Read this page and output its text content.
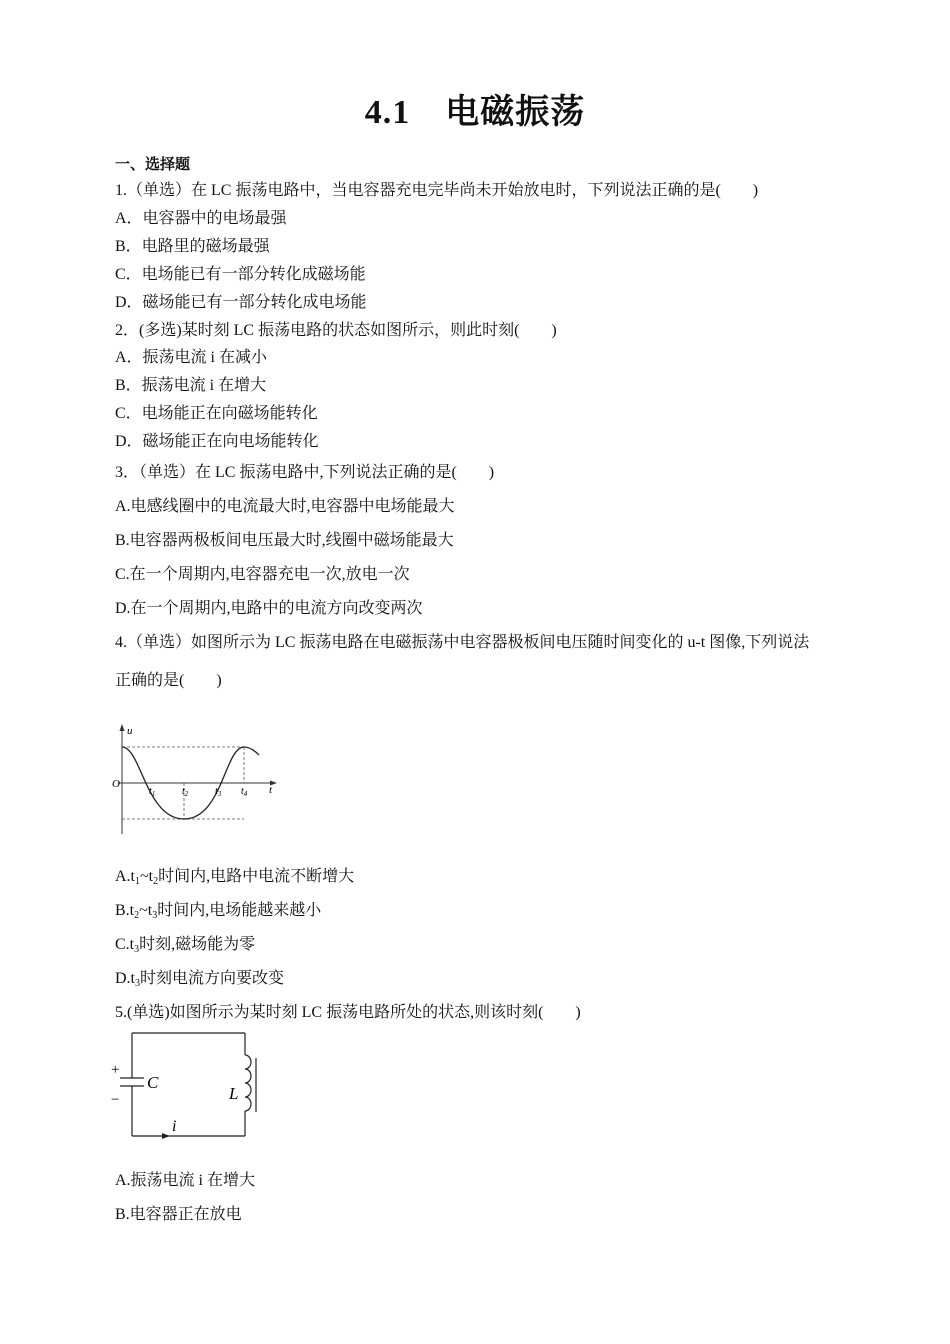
4.1　电磁振荡
一、选择题
1.（单选）在 LC 振荡电路中，当电容器充电完毕尚未开始放电时，下列说法正确的是(　　)
A．电容器中的电场最强
B．电路里的磁场最强
C．电场能已有一部分转化成磁场能
D．磁场能已有一部分转化成电场能
2．(多选)某时刻 LC 振荡电路的状态如图所示，则此时刻(　　)
A．振荡电流 i 在减小
B．振荡电流 i 在增大
C．电场能正在向磁场能转化
D．磁场能正在向电场能转化
3．（单选）在 LC 振荡电路中,下列说法正确的是(　　)
A.电感线圈中的电流最大时,电容器中电场能最大
B.电容器两极板间电压最大时,线圈中磁场能最大
C.在一个周期内,电容器充电一次,放电一次
D.在一个周期内,电路中的电流方向改变两次
4.（单选）如图所示为 LC 振荡电路在电磁振荡中电容器极板间电压随时间变化的 u-t 图像,下列说法
正确的是(　　)
u
t
O
$t_1$	$t_2$	$t_3$ $t_4$
$A.t_1\sim t_2$时间内,电路中电流不断增大
$B.t_2\sim t_3$时间内,电场能越来越小
$C.t_3$时刻,磁场能为零
$D.t_3$时刻电流方向要改变
5.(单选)如图所示为某时刻 LC 振荡电路所处的状态,则该时刻(　　)
+
−
C
L
i
A.振荡电流 i 在增大
B.电容器正在放电
